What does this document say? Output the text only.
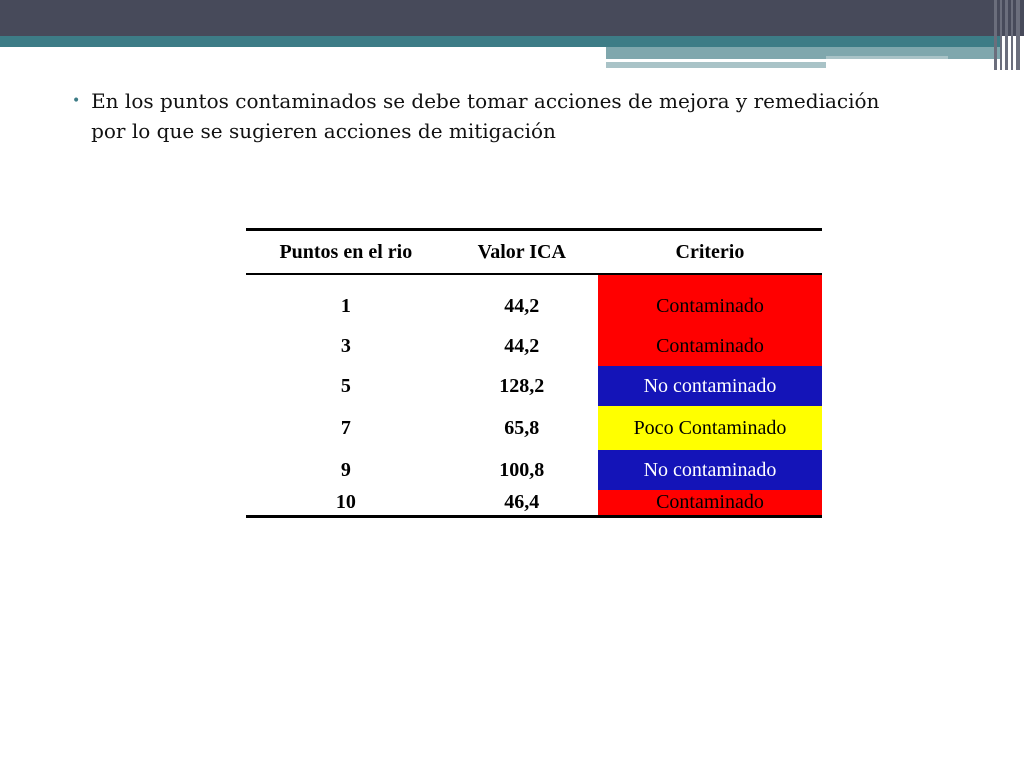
• En los puntos contaminados se debe tomar acciones de mejora y remediación por lo que se sugieren acciones de mitigación
Puntos en el rio	Valor ICA	Criterio
1	44,2	Contaminado
3	44,2	Contaminado
5	128,2	No contaminado
7	65,8	Poco Contaminado
9	100,8	No contaminado
10	46,4	Contaminado
